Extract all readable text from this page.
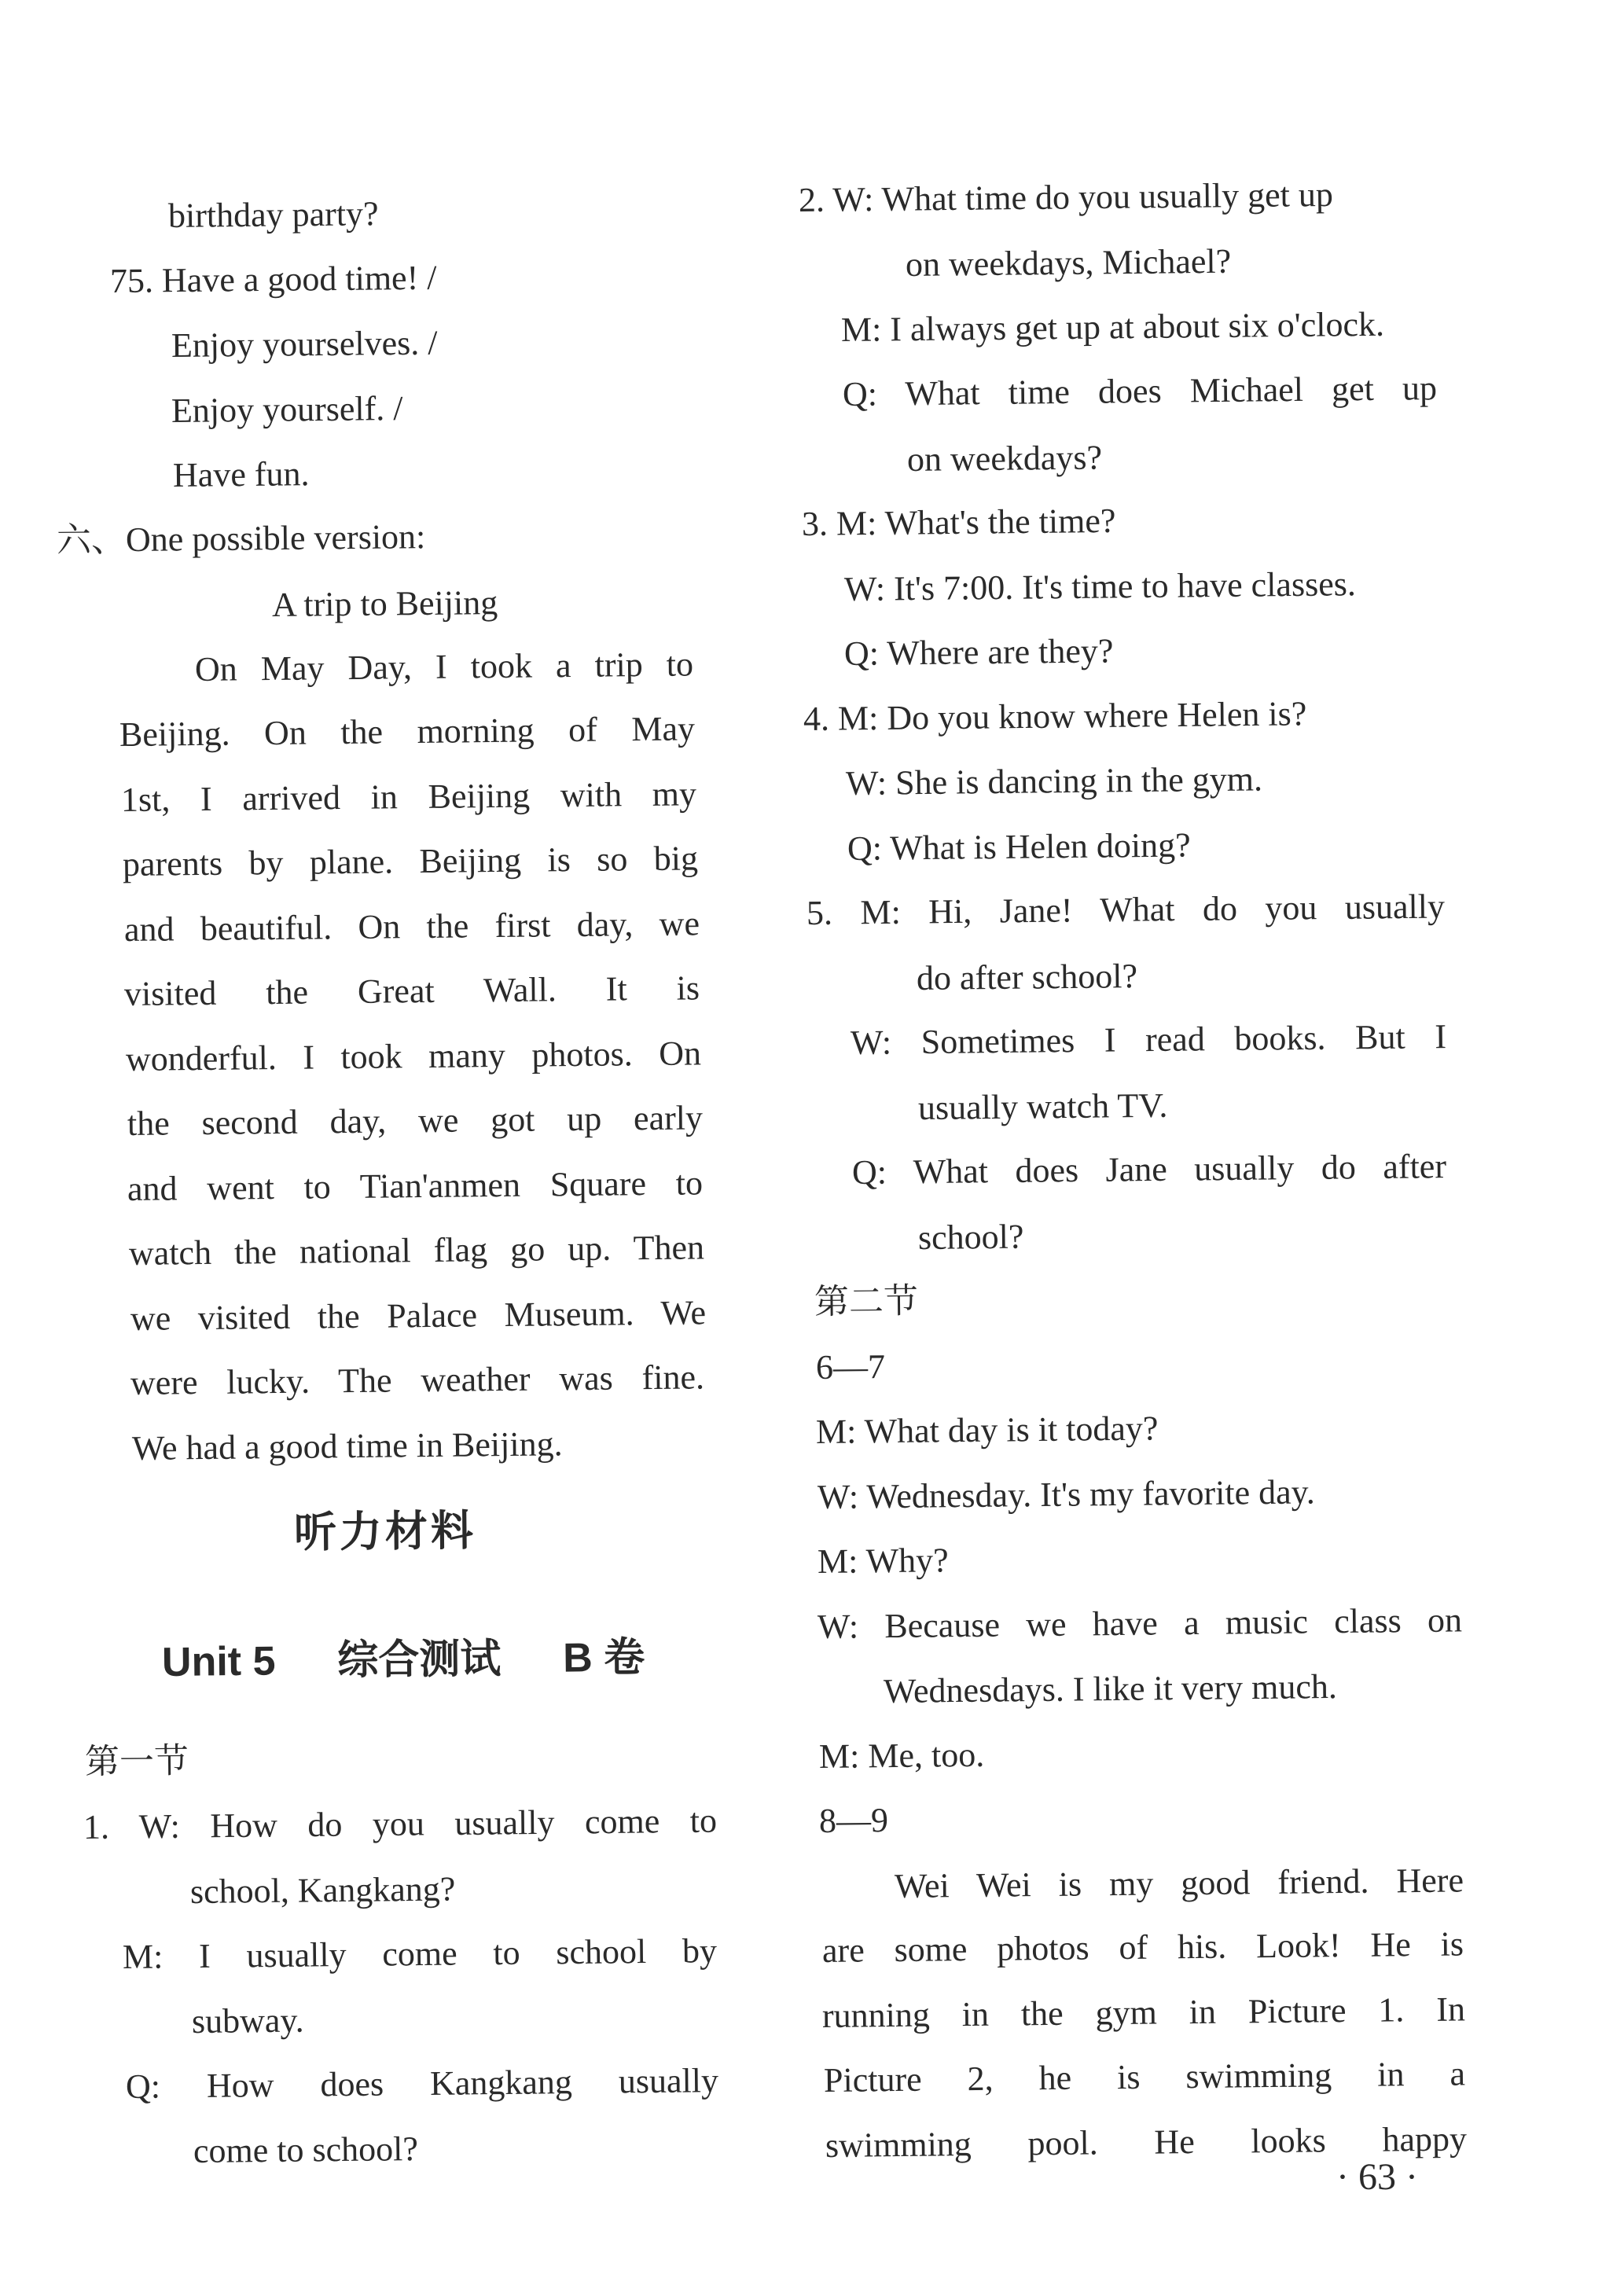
birthday party?
75. Have a good time! /
Enjoy yourselves. /
Enjoy yourself. /
Have fun.
六、One possible version:
A trip to Beijing
On May Day, I took a trip to
Beijing. On the morning of May
1st, I arrived in Beijing with my
parents by plane. Beijing is so big
and beautiful. On the first day, we
visited the Great Wall. It is
wonderful. I took many photos. On
the second day, we got up early
and went to Tian'anmen Square to
watch the national flag go up. Then
we visited the Palace Museum. We
were lucky. The weather was fine.
We had a good time in Beijing.
听力材料
Unit 5 综合测试 B 卷
第一节
1. W: How do you usually come to
school, Kangkang?
M: I usually come to school by
subway.
Q: How does Kangkang usually
come to school?
2. W: What time do you usually get up
on weekdays, Michael?
M: I always get up at about six o'clock.
Q: What time does Michael get up
on weekdays?
3. M: What's the time?
W: It's 7:00. It's time to have classes.
Q: Where are they?
4. M: Do you know where Helen is?
W: She is dancing in the gym.
Q: What is Helen doing?
5. M: Hi, Jane! What do you usually
do after school?
W: Sometimes I read books. But I
usually watch TV.
Q: What does Jane usually do after
school?
第二节
6—7
M: What day is it today?
W: Wednesday. It's my favorite day.
M: Why?
W: Because we have a music class on
Wednesdays. I like it very much.
M: Me, too.
8—9
Wei Wei is my good friend. Here
are some photos of his. Look! He is
running in the gym in Picture 1. In
Picture 2, he is swimming in a
swimming pool. He looks happy
· 63 ·
